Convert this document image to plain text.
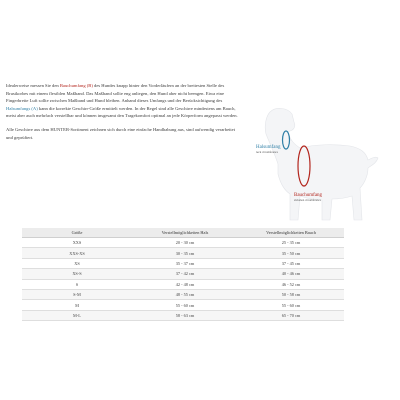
Idealerweise messen Sie den Bauchumfang (B) des Hundes knapp hinter den Vorderläufern an der breitesten Stelle des Brustkorbes mit einem flexiblen Maßband. Das Maßband sollte eng anliegen, den Hund aber nicht beengen. Etwa eine Fingerbreite Luft sollte zwischen Maßband und Hund bleiben. Anhand dieses Umfangs und der Berücksichtigung des Halsumfangs (A) kann die korrekte Geschirr-Größe ermittelt werden. In der Regel sind alle Geschirre mindestens am Bauch, meist aber auch mehrfach verstellbar und können insgesamt den Tragekomfort optimal an jede Körperform angepasst werden.

Alle Geschirre aus dem HUNTER-Sortiment zeichnen sich durch eine einfache Handhabung aus, sind aufwendig verarbeitet und geprüftert.

Halsumfang
neck circumference
Bauchumfang
abdomen circumference
Größe	Verstellmöglichkeiten Hals	Verstellmöglichkeiten Bauch
XXS	20 - 30 cm	25 - 35 cm
XXS-XS	30 - 35 cm	35 - 50 cm
XS	35 - 37 cm	37 - 45 cm
XS-S	37 - 42 cm	40 - 46 cm
S	42 - 48 cm	46 - 52 cm
S-M	48 - 55 cm	50 - 58 cm
M	55 - 60 cm	55 - 60 cm
M-L	58 - 63 cm	65 - 70 cm
